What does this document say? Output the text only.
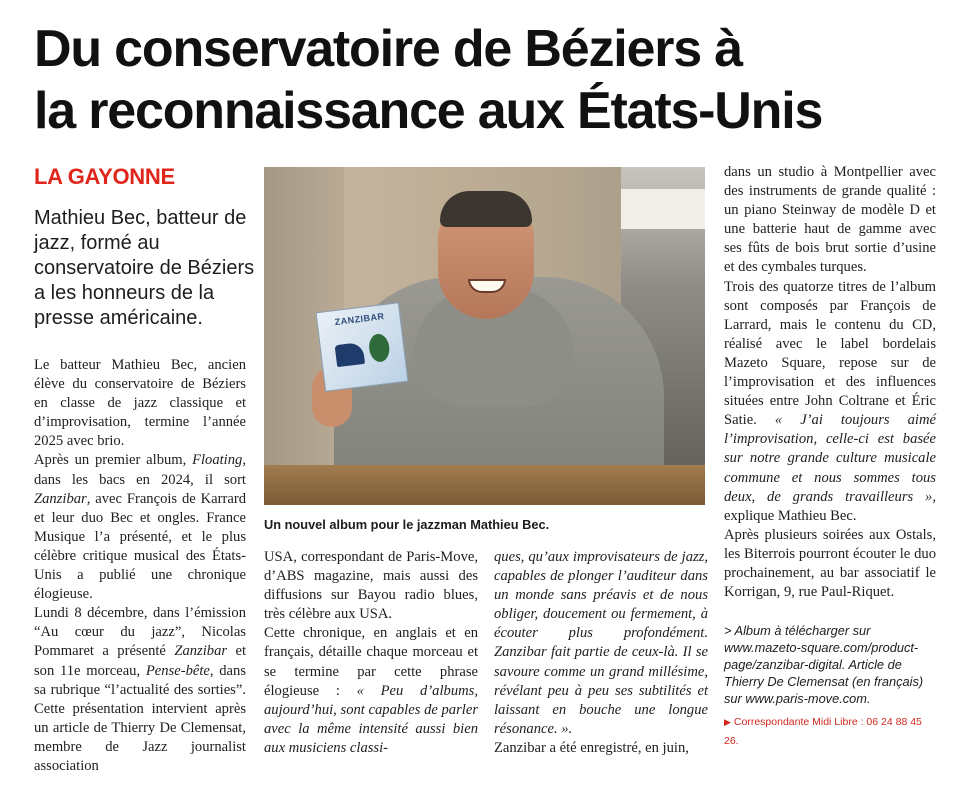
Du conservatoire de Béziers à
la reconnaissance aux États-Unis
LA GAYONNE
Mathieu Bec, batteur de jazz, formé au conservatoire de Béziers a les honneurs de la presse américaine.	ZANZIBAR
Un nouvel album pour le jazzman Mathieu Bec.

Le batteur Mathieu Bec, ancien élève du conservatoire de Béziers en classe de jazz classique et d’improvisation, termine l’année 2025 avec brio.

Après un premier album, Floating, dans les bacs en 2024, il sort Zanzibar, avec François de Karrard et leur duo Bec et ongles. France Musique l’a présenté, et le plus célèbre critique musical des États-Unis a publié une chronique élogieuse.

Lundi 8 décembre, dans l’émission “Au cœur du jazz”, Nicolas Pommaret a présenté Zanzibar et son 11e morceau, Pense-bête, dans sa rubrique “l’actualité des sorties”. Cette présentation intervient après un article de Thierry De Clemensat, membre de Jazz journalist association

USA, correspondant de Paris-Move, d’ABS magazine, mais aussi des diffusions sur Bayou radio blues, très célèbre aux USA.

Cette chronique, en anglais et en français, détaille chaque morceau et se termine par cette phrase élogieuse : « Peu d’albums, aujourd’hui, sont capables de parler avec la même intensité aussi bien aux musiciens classi-

ques, qu’aux improvisateurs de jazz, capables de plonger l’auditeur dans un monde sans préavis et de nous obliger, doucement ou fermement, à écouter plus profondément. Zanzibar fait partie de ceux-là. Il se savoure comme un grand millésime, révélant peu à peu ses subtilités et laissant en bouche une longue résonance. ».

Zanzibar a été enregistré, en juin,

dans un studio à Montpellier avec des instruments de grande qualité : un piano Steinway de modèle D et une batterie haut de gamme avec ses fûts de bois brut sortie d’usine et des cymbales turques.

Trois des quatorze titres de l’album sont composés par François de Larrard, mais le contenu du CD, réalisé avec le label bordelais Mazeto Square, repose sur de l’improvisation et des influences situées entre John Coltrane et Éric Satie. « J’ai toujours aimé l’improvisation, celle-ci est basée sur notre grande culture musicale commune et nous sommes tous deux, de grands travailleurs », explique Mathieu Bec.

Après plusieurs soirées aux Ostals, les Biterrois pourront écouter le duo prochainement, au bar associatif le Korrigan, 9, rue Paul-Riquet.

> Album à télécharger sur www.mazeto-square.com/product-page/zanzibar-digital. Article de Thierry De Clemensat (en français) sur www.paris-move.com.

▶ Correspondante Midi Libre : 06 24 88 45 26.
